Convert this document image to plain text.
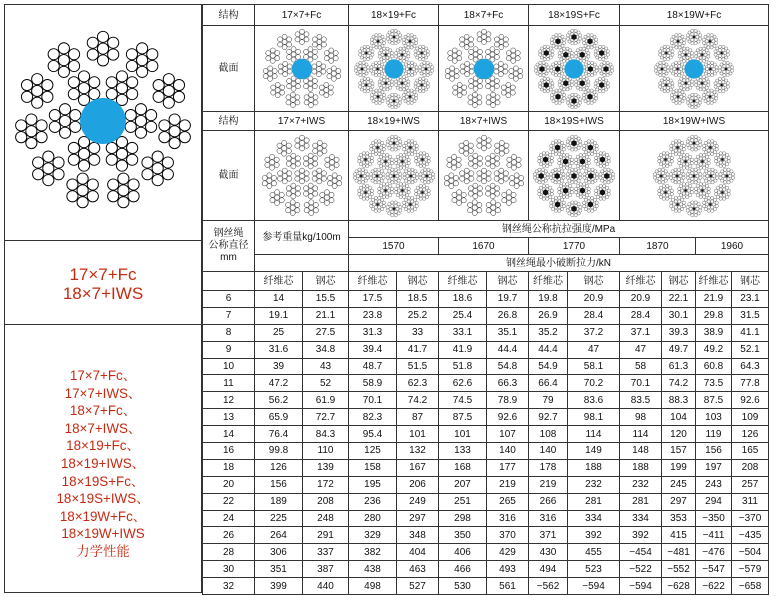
17×7+Fc
18×7+IWS
17×7+Fc、
17×7+IWS、
18×7+Fc、
18×7+IWS、
18×19+Fc、
18×19+IWS、
18×19S+Fc、
18×19S+IWS、
18×19W+Fc、
18×19W+IWS
力学性能
结构	17×7+Fc		18×19+Fc		18×7+Fc		18×19S+Fc		18×19W+Fc			
截面	

结构	17×7+IWS		18×19+IWS		18×7+IWS		18×19S+IWS		18×19W+IWS			
截面	

钢丝绳
公称直径
mm	参考重量kg/100m		钢丝绳公称抗拉强度/MPa									
			1570		1670		1770		1870		1960	
			钢丝绳最小破断拉力/kN									
	纤维芯	钢芯	纤维芯	钢芯	纤维芯	钢芯	纤维芯	钢芯	纤维芯	钢芯	纤维芯	钢芯
6	14	15.5	17.5	18.5	18.6	19.7	19.8	20.9	20.9	22.1	21.9	23.1
7	19.1	21.1	23.8	25.2	25.4	26.8	26.9	28.4	28.4	30.1	29.8	31.5
8	25	27.5	31.3	33	33.1	35.1	35.2	37.2	37.1	39.3	38.9	41.1
9	31.6	34.8	39.4	41.7	41.9	44.4	44.4	47	47	49.7	49.2	52.1
10	39	43	48.7	51.5	51.8	54.8	54.9	58.1	58	61.3	60.8	64.3
11	47.2	52	58.9	62.3	62.6	66.3	66.4	70.2	70.1	74.2	73.5	77.8
12	56.2	61.9	70.1	74.2	74.5	78.9	79	83.6	83.5	88.3	87.5	92.6
13	65.9	72.7	82.3	87	87.5	92.6	92.7	98.1	98	104	103	109
14	76.4	84.3	95.4	101	101	107	108	114	114	120	119	126
16	99.8	110	125	132	133	140	140	149	148	157	156	165
18	126	139	158	167	168	177	178	188	188	199	197	208
20	156	172	195	206	207	219	219	232	232	245	243	257
22	189	208	236	249	251	265	266	281	281	297	294	311
24	225	248	280	297	298	316	316	334	334	353	−350	−370
26	264	291	329	348	350	370	371	392	392	415	−411	−435
28	306	337	382	404	406	429	430	455	−454	−481	−476	−504
30	351	387	438	463	466	493	494	523	−522	−552	−547	−579
32	399	440	498	527	530	561	−562	−594	−594	−628	−622	−658
